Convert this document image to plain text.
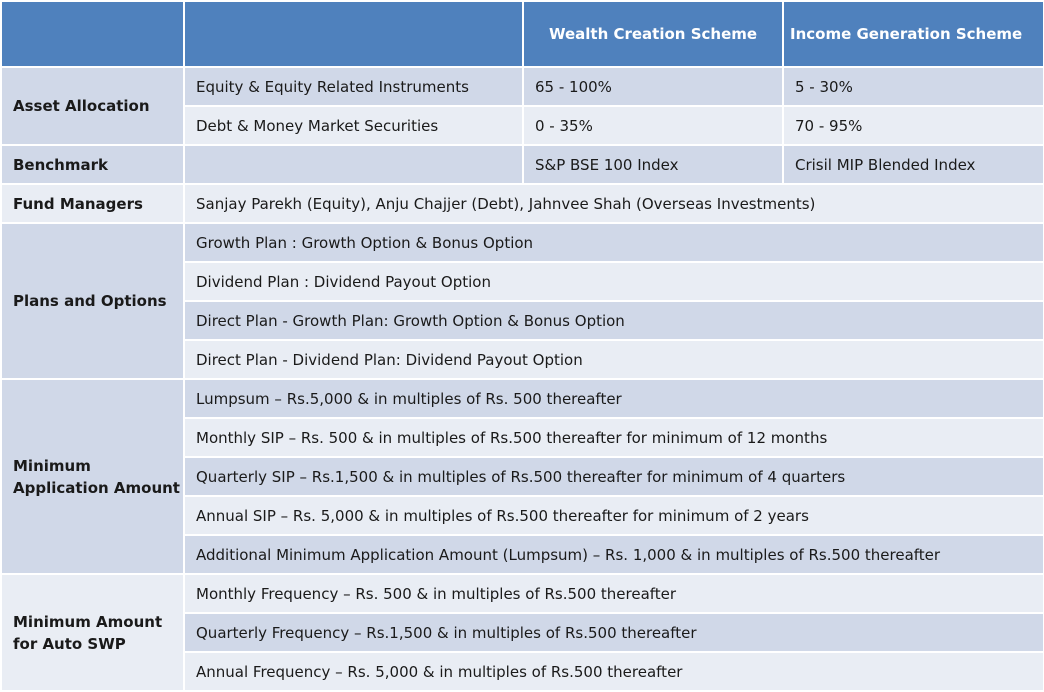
		Wealth Creation Scheme	Income Generation Scheme
Asset Allocation	Equity & Equity Related Instruments	65 - 100%	5 - 30%
	Debt & Money Market Securities	0 - 35%	70 - 95%
Benchmark		S&P BSE 100 Index	Crisil MIP Blended Index
Fund Managers	Sanjay Parekh (Equity), Anju Chajjer (Debt), Jahnvee Shah (Overseas Investments)		
Plans and Options	Growth Plan : Growth Option & Bonus Option		
	Dividend Plan : Dividend Payout Option		
	Direct Plan - Growth Plan: Growth Option & Bonus Option		
	Direct Plan - Dividend Plan: Dividend Payout Option		
Minimum
Application Amount	Lumpsum – Rs.5,000 & in multiples of Rs. 500 thereafter		
	Monthly SIP – Rs. 500 & in multiples of Rs.500 thereafter for minimum of 12 months		
	Quarterly SIP – Rs.1,500 & in multiples of Rs.500 thereafter for minimum of 4 quarters		
	Annual SIP – Rs. 5,000 & in multiples of Rs.500 thereafter for minimum of 2 years		
	Additional Minimum Application Amount (Lumpsum) – Rs. 1,000 & in multiples of Rs.500 thereafter		
Minimum Amount
for Auto SWP	Monthly Frequency – Rs. 500 & in multiples of Rs.500 thereafter		
	Quarterly Frequency – Rs.1,500 & in multiples of Rs.500 thereafter		
	Annual Frequency – Rs. 5,000 & in multiples of Rs.500 thereafter		
